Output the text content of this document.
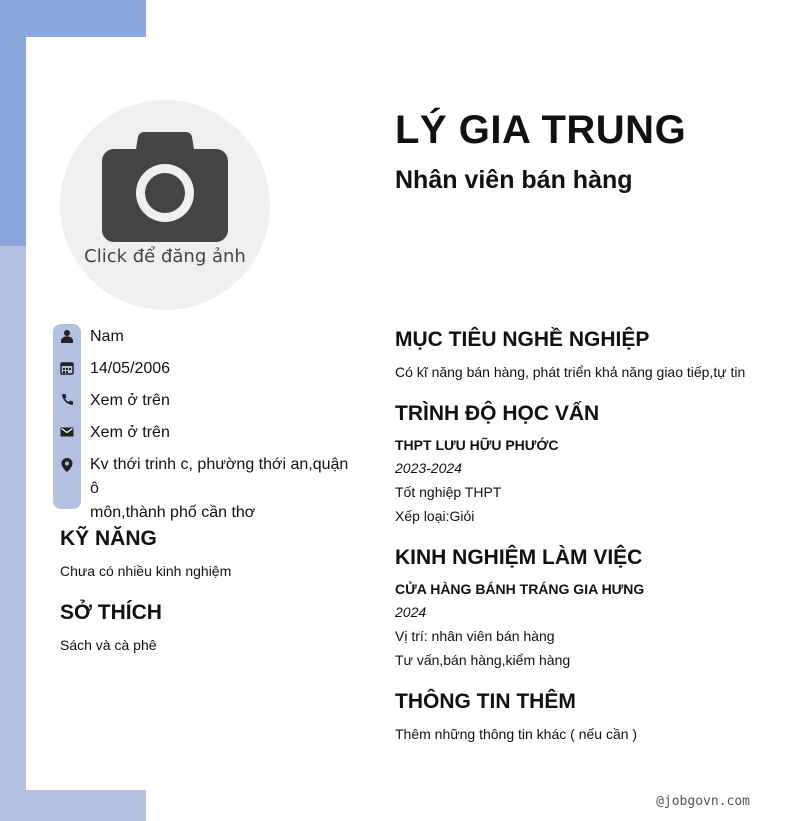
Click để đăng ảnh
LÝ GIA TRUNG
Nhân viên bán hàng
Nam
14/05/2006
Xem ở trên
Xem ở trên
Kv thới trinh c, phường thới an,quận ô
môn,thành phố cần thơ
KỸ NĂNG
Chưa có nhiều kinh nghiệm
SỞ THÍCH
Sách và cà phê
MỤC TIÊU NGHỀ NGHIỆP
Có kĩ năng bán hàng, phát triển khả năng giao tiếp,tự tin
TRÌNH ĐỘ HỌC VẤN
THPT LƯU HỮU PHƯỚC
2023-2024
Tốt nghiệp THPT
Xếp loại:Giỏi
KINH NGHIỆM LÀM VIỆC
CỬA HÀNG BÁNH TRÁNG GIA HƯNG
2024
Vị trí: nhân viên bán hàng
Tư vấn,bán hàng,kiểm hàng
THÔNG TIN THÊM
Thêm những thông tin khác ( nếu cần )
@jobgovn.com
